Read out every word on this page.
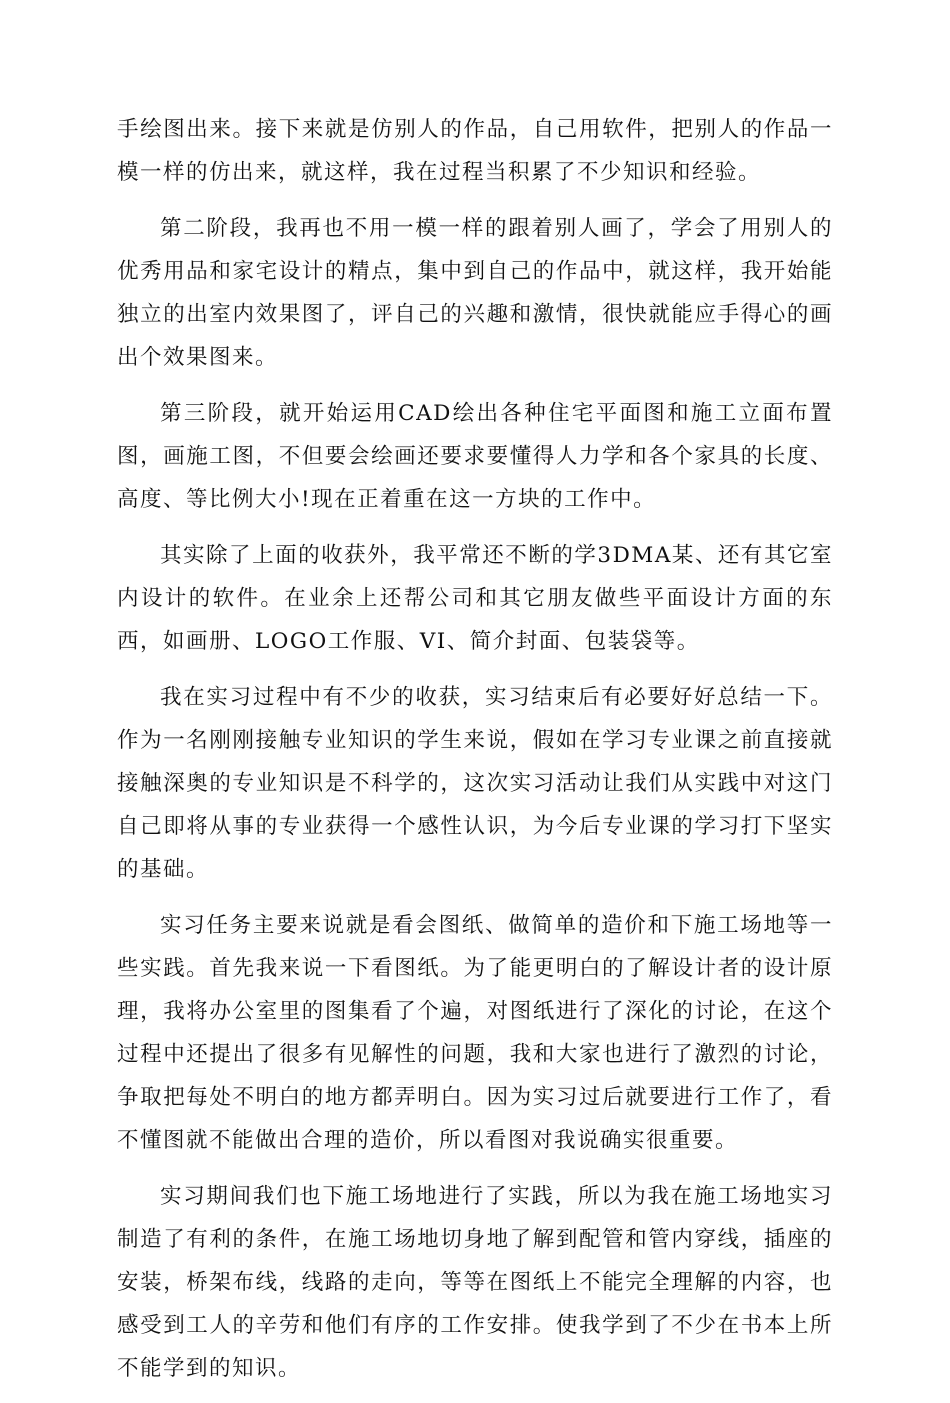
手绘图出来。接下来就是仿别人的作品，自己用软件，把别人的作品一模一样的仿出来，就这样，我在过程当积累了不少知识和经验。

第二阶段，我再也不用一模一样的跟着别人画了，学会了用别人的优秀用品和家宅设计的精点，集中到自己的作品中，就这样，我开始能独立的出室内效果图了，评自己的兴趣和激情，很快就能应手得心的画出个效果图来。

第三阶段，就开始运用CAD绘出各种住宅平面图和施工立面布置图，画施工图，不但要会绘画还要求要懂得人力学和各个家具的长度、高度、等比例大小!现在正着重在这一方块的工作中。

其实除了上面的收获外，我平常还不断的学3DMA某、还有其它室内设计的软件。在业余上还帮公司和其它朋友做些平面设计方面的东西，如画册、LOGO工作服、VI、简介封面、包装袋等。

我在实习过程中有不少的收获，实习结束后有必要好好总结一下。作为一名刚刚接触专业知识的学生来说，假如在学习专业课之前直接就接触深奥的专业知识是不科学的，这次实习活动让我们从实践中对这门自己即将从事的专业获得一个感性认识，为今后专业课的学习打下坚实的基础。

实习任务主要来说就是看会图纸、做简单的造价和下施工场地等一些实践。首先我来说一下看图纸。为了能更明白的了解设计者的设计原理，我将办公室里的图集看了个遍，对图纸进行了深化的讨论，在这个过程中还提出了很多有见解性的问题，我和大家也进行了激烈的讨论，争取把每处不明白的地方都弄明白。因为实习过后就要进行工作了，看不懂图就不能做出合理的造价，所以看图对我说确实很重要。

实习期间我们也下施工场地进行了实践，所以为我在施工场地实习制造了有利的条件，在施工场地切身地了解到配管和管内穿线，插座的安装，桥架布线，线路的走向，等等在图纸上不能完全理解的内容，也感受到工人的辛劳和他们有序的工作安排。使我学到了不少在书本上所不能学到的知识。
